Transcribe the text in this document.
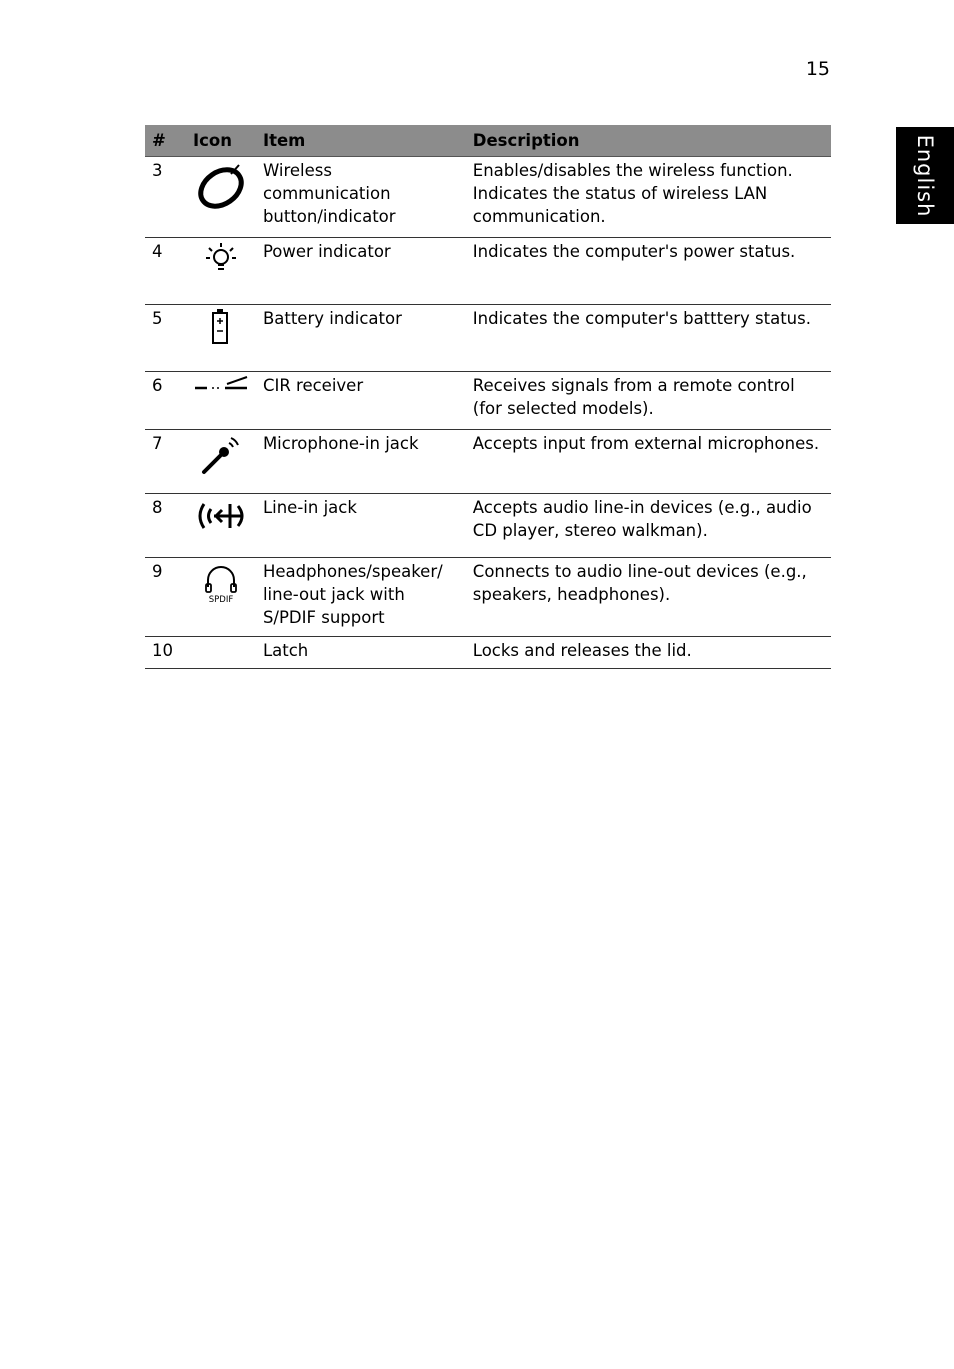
15
English
#	Icon	Item	Description
3		Wireless communication button/indicator	Enables/disables the wireless function. Indicates the status of wireless LAN communication.
4		Power indicator	Indicates the computer's power status.
5		Battery indicator	Indicates the computer's batttery status.
6		CIR receiver	Receives signals from a remote control (for selected models).
7		Microphone-in jack	Accepts input from external microphones.
8		Line-in jack	Accepts audio line-in devices (e.g., audio CD player, stereo walkman).
9	SPDIF	Headphones/speaker/ line-out jack with S/PDIF support	Connects to audio line-out devices (e.g., speakers, headphones).
10		Latch	Locks and releases the lid.
